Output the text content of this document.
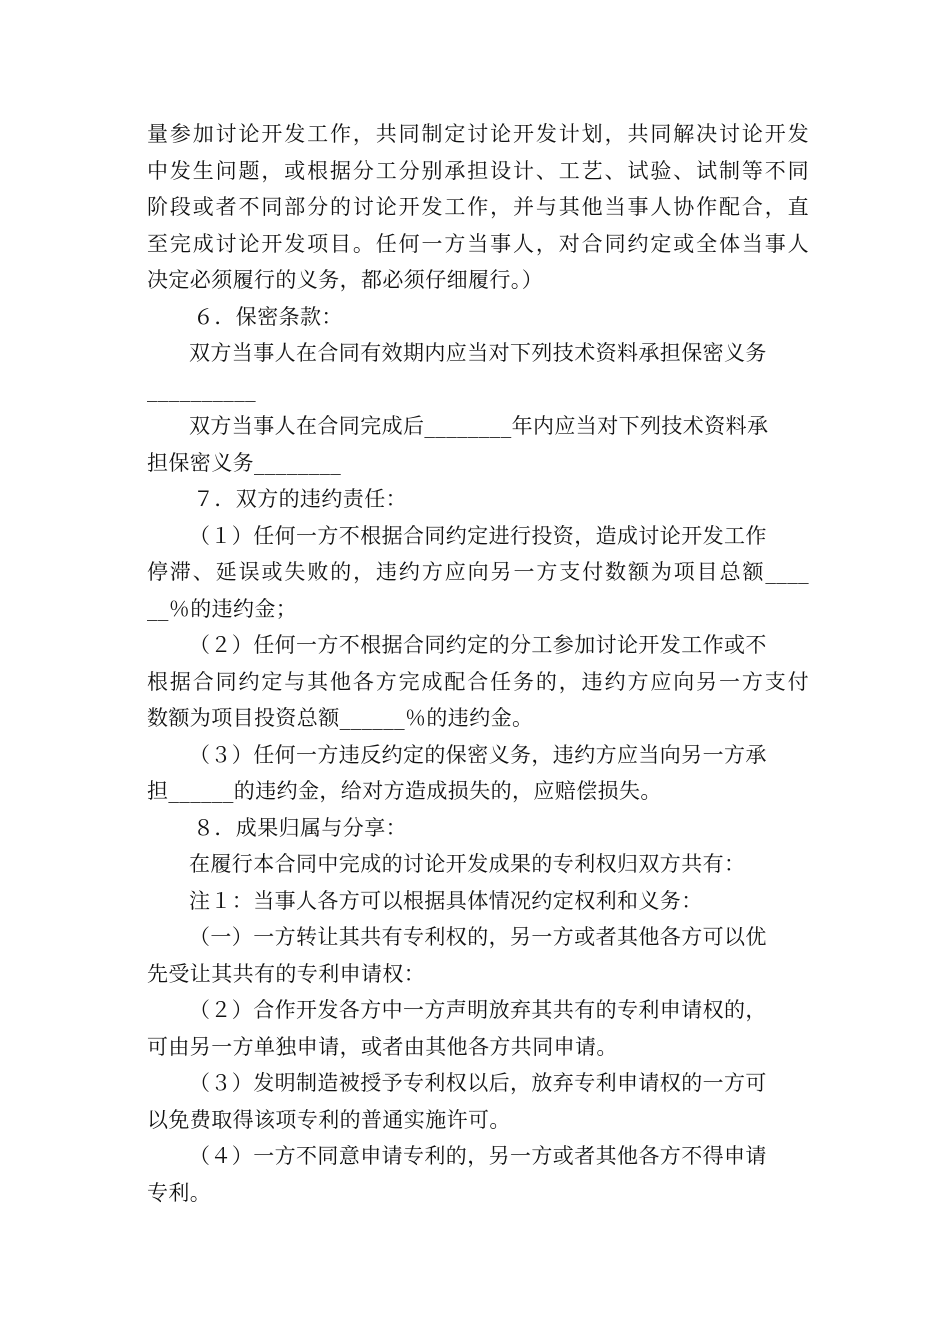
量参加讨论开发工作，共同制定讨论开发计划，共同解决讨论开发
中发生问题，或根据分工分别承担设计、工艺、试验、试制等不同
阶段或者不同部分的讨论开发工作，并与其他当事人协作配合，直
至完成讨论开发项目。任何一方当事人，对合同约定或全体当事人
决定必须履行的义务，都必须仔细履行。）
６．保密条款：
双方当事人在合同有效期内应当对下列技术资料承担保密义务
__________
双方当事人在合同完成后________年内应当对下列技术资料承
担保密义务________
７．双方的违约责任：
（１）任何一方不根据合同约定进行投资，造成讨论开发工作
停滞、延误或失败的，违约方应向另一方支付数额为项目总额____
__％的违约金；
（２）任何一方不根据合同约定的分工参加讨论开发工作或不
根据合同约定与其他各方完成配合任务的，违约方应向另一方支付
数额为项目投资总额______％的违约金。
（３）任何一方违反约定的保密义务，违约方应当向另一方承
担______的违约金，给对方造成损失的，应赔偿损失。
８．成果归属与分享：
在履行本合同中完成的讨论开发成果的专利权归双方共有：
注１：当事人各方可以根据具体情况约定权利和义务：
（一）一方转让其共有专利权的，另一方或者其他各方可以优
先受让其共有的专利申请权：
（２）合作开发各方中一方声明放弃其共有的专利申请权的，
可由另一方单独申请，或者由其他各方共同申请。
（３）发明制造被授予专利权以后，放弃专利申请权的一方可
以免费取得该项专利的普通实施许可。
（４）一方不同意申请专利的，另一方或者其他各方不得申请
专利。
